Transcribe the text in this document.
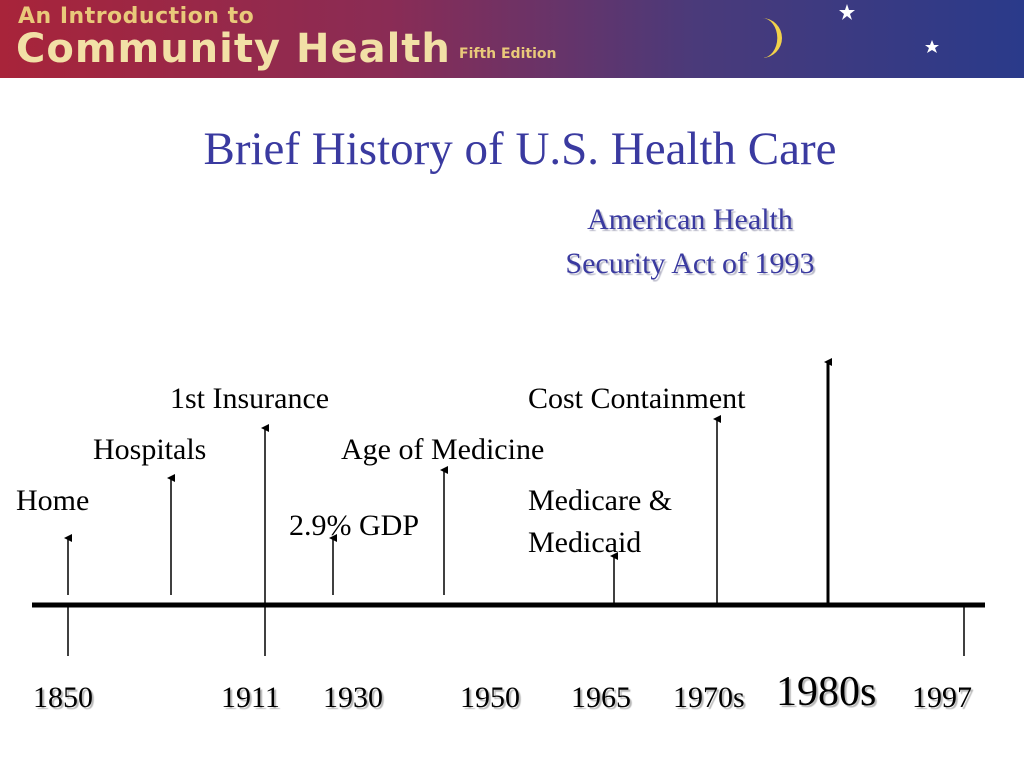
An Introduction to
Community Health Fifth Edition
Brief History of U.S. Health Care
American Health
Security Act of 1993
Home
Hospitals
1st Insurance
2.9% GDP
Age of Medicine
Medicare &
Medicaid
Cost Containment
1850	1911 1930	1950 1965 1970s 1980s 1997
